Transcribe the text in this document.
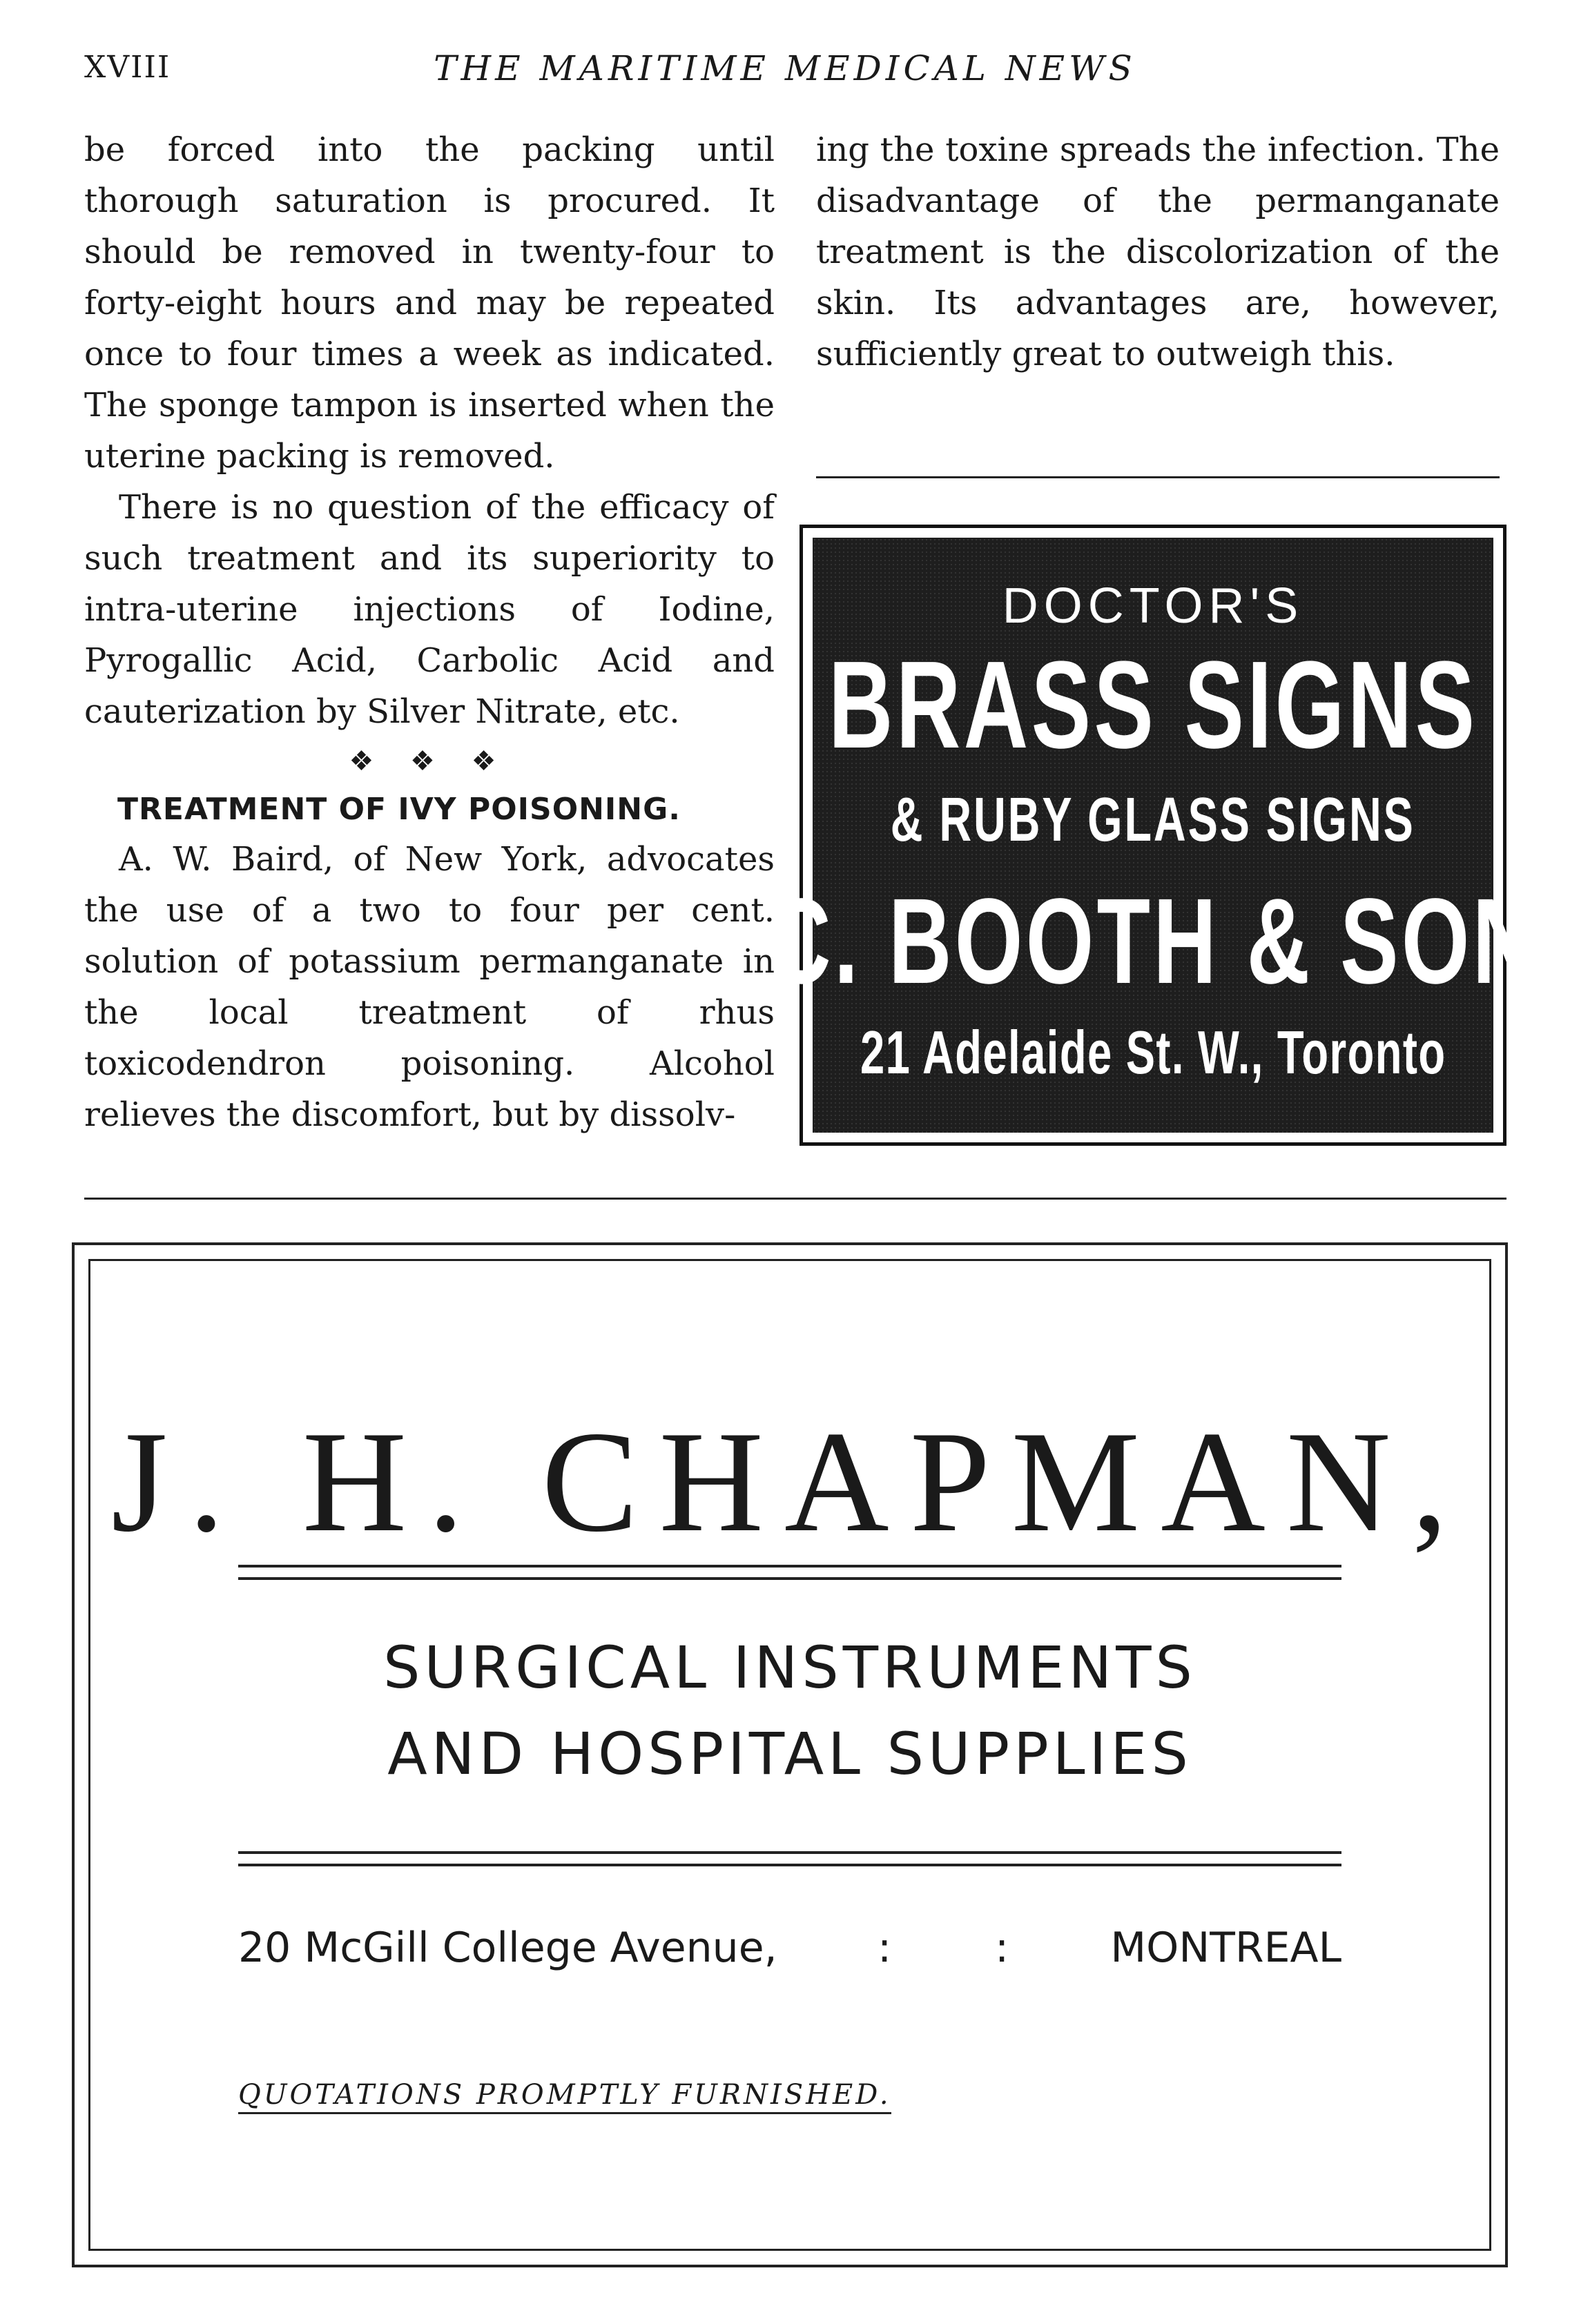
XVIII	THE MARITIME MEDICAL NEWS

be forced into the packing until thorough saturation is procured. It should be removed in twenty-four to forty-eight hours and may be repeated once to four times a week as indicated. The sponge tampon is inserted when the uterine packing is removed.

There is no question of the efficacy of such treatment and its superiority to intra-uterine injections of Iodine, Pyrogallic Acid, Carbolic Acid and cauterization by Silver Nitrate, etc.

❖ ❖ ❖

TREATMENT OF IVY POISONING.

A. W. Baird, of New York, advocates the use of a two to four per cent. solution of potassium permanganate in the local treatment of rhus toxicodendron poisoning. Alcohol relieves the discomfort, but by dissolv-

ing the toxine spreads the infection. The disadvantage of the permanganate treatment is the discolorization of the skin. Its advantages are, however, sufficiently great to outweigh this.

DOCTOR'S
BRASS SIGNS
& RUBY GLASS SIGNS
C. BOOTH & SON
21 Adelaide St. W., Toronto
J. H. CHAPMAN,
SURGICAL INSTRUMENTS
AND HOSPITAL SUPPLIES
20 McGill College Avenue, : : MONTREAL
QUOTATIONS PROMPTLY FURNISHED.
